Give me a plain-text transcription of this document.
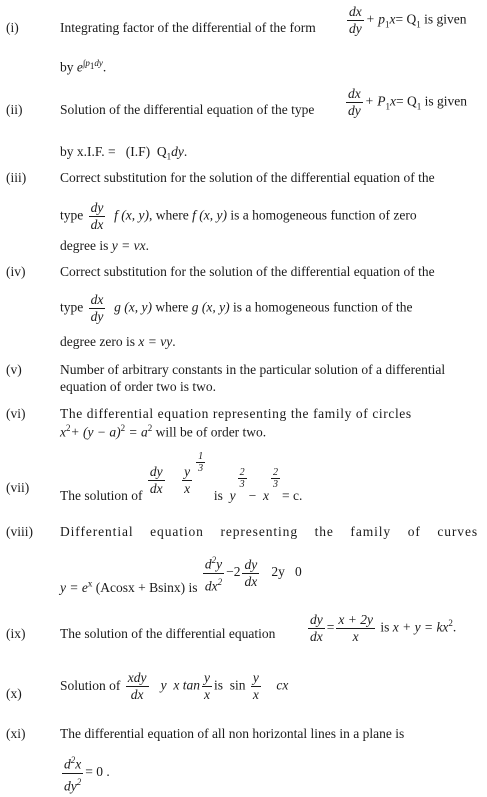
(i)	Integrating factor of the differential of the form $\frac{dx}{dy} + p_1x= Q_1$ is given
by $e^{\int p_1dy}$.
(ii)	Solution of the differential equation of the type $\frac{dx}{dy} + P_1x= Q_1$ is given
by x.I.F. = (I.F) $Q_1dy$.
(iii)	Correct substitution for the solution of the differential equation of the
type $\frac{dy}{dx}$ f (x, y), where f (x, y) is a homogeneous function of zero
degree is y = vx.
(iv)	Correct substitution for the solution of the differential equation of the
type $\frac{dx}{dy}$ g (x, y) where g (x, y) is a homogeneous function of the
degree zero is x = vy.
(v)	Number of arbitrary constants in the particular solution of a differential
equation of order two is two.
(vi)	The differential equation representing the family of circles
$x^2+ (y - a)^2 = a^2$ will be of order two.
(vii)
The solution of $\frac{dy}{dx}$
$\frac{y}{x}$
$\frac{1}{3}$
is y
$\frac{2}{3}$
− x
$\frac{2}{3}$
= c.
(viii) Differential equation representing the family of curves
$y = e^x$ (Acosx + Bsinx) is $\frac{d^2y}{dx^2} -2 \frac{dy}{dx} 2y$ 0
(ix)	The solution of the differential equation $\frac{dy}{dx} = \frac{x + 2y}{x}$ is $x + y = kx^2$.
(x)
Solution of $\frac{\text{xdy}}{dx}$ y x $\tan \frac{y}{x}$ is $\sin \frac{y}{x}$ cx
(xi)	The differential equation of all non horizontal lines in a plane is
$\frac{d^2x}{dy^2} = 0$ .
